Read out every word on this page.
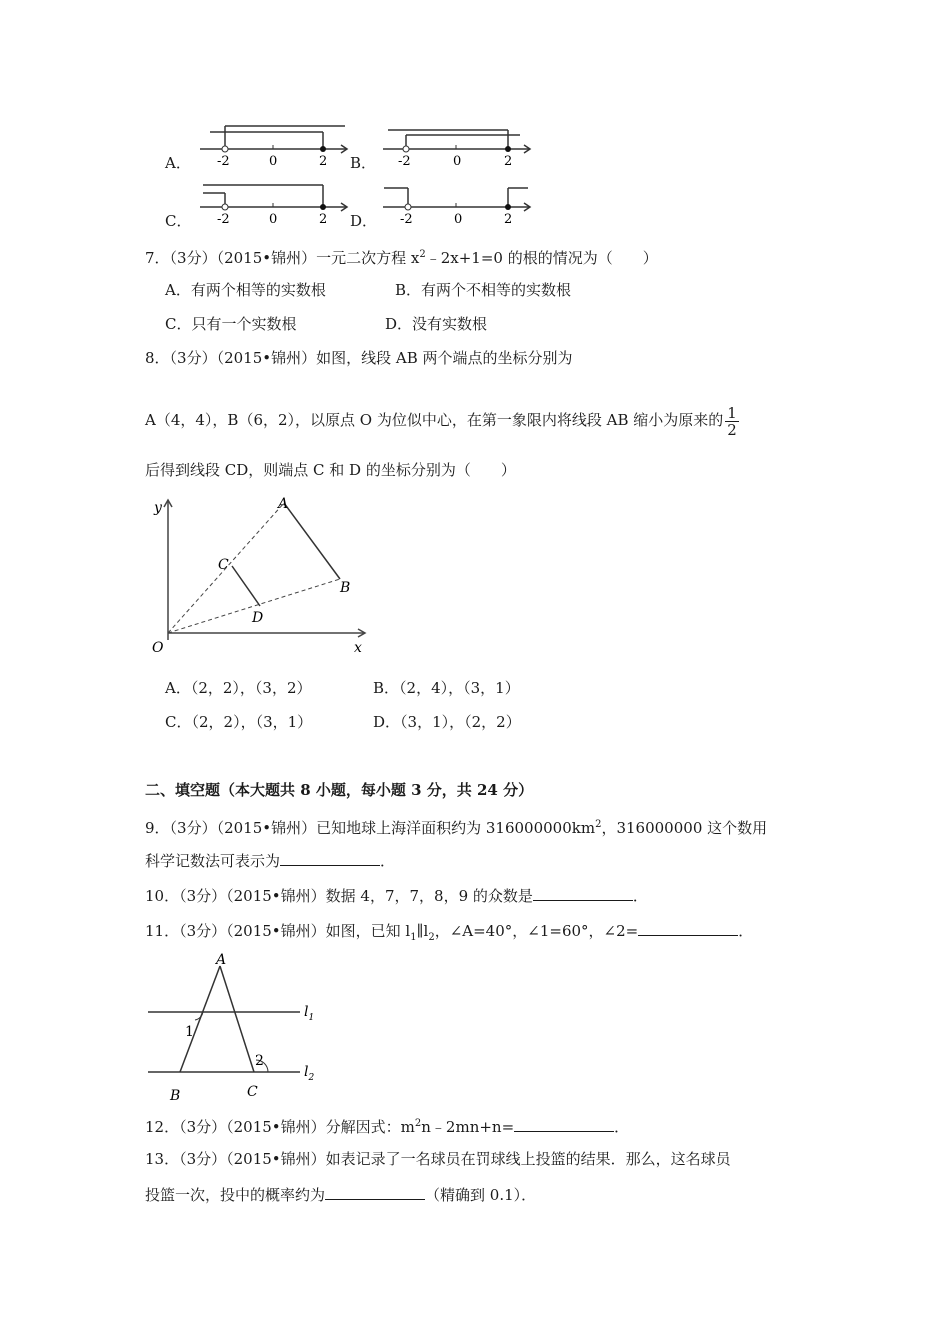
A． -2	0	2 B． -2	0	2
C． -2	0	2 D． -2	0	2
7．（3分）（2015•锦州）一元二次方程 $x^2﹣2x+1=0$ 的根的情况为（　　）
A．有两个相等的实数根	B．有两个不相等的实数根
C．只有一个实数根	D．没有实数根
8．（3分）（2015•锦州）如图，线段 AB 两个端点的坐标分别为
A（4，4），B（6，2），以原点 O 为位似中心，在第一象限内将线段 AB 缩小为原来的 $\frac{1}{2}$
后得到线段 CD，则端点 C 和 D 的坐标分别为（　　）
y
x
O
A
B
C
D
A．（2，2），（3，2）	B．（2，4），（3，1）
C．（2，2），（3，1）	D．（3，1），（2，2）
二、填空题（本大题共 8 小题，每小题 3 分，共 24 分）
9．（3分）（2015•锦州）已知地球上海洋面积约为 $316000000km^2$，316000000 这个数用
科学记数法可表示为	．
10．（3分）（2015•锦州）数据 4，7，7，8，9 的众数是	．
11．（3分）（2015•锦州）如图，已知 $l_1\parallel l_2$，∠A=40°，∠1=60°，∠2=	．
A
B	C
1
2
$l_1$
$l_2$
12．（3分）（2015•锦州）分解因式：$m^2n﹣2mn+n=$	．
13．（3分）（2015•锦州）如表记录了一名球员在罚球线上投篮的结果．那么，这名球员
投篮一次，投中的概率约为	（精确到 0.1）．
